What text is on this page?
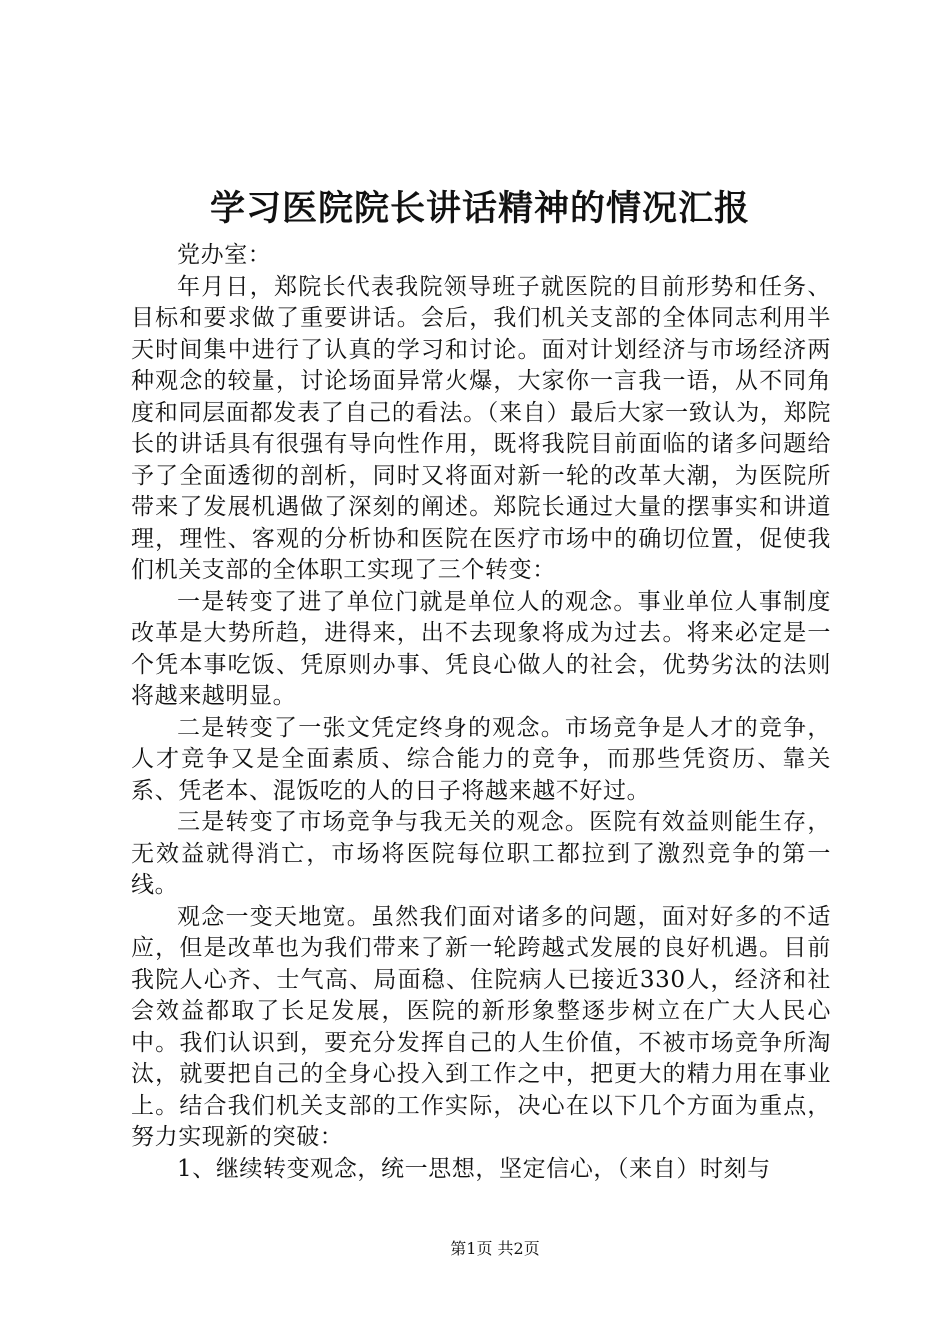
学习医院院长讲话精神的情况汇报

党办室：

年月日，郑院长代表我院领导班子就医院的目前形势和任务、目标和要求做了重要讲话。会后，我们机关支部的全体同志利用半天时间集中进行了认真的学习和讨论。面对计划经济与市场经济两种观念的较量，讨论场面异常火爆，大家你一言我一语，从不同角度和同层面都发表了自己的看法。（来自）最后大家一致认为，郑院长的讲话具有很强有导向性作用，既将我院目前面临的诸多问题给予了全面透彻的剖析，同时又将面对新一轮的改革大潮，为医院所带来了发展机遇做了深刻的阐述。郑院长通过大量的摆事实和讲道理，理性、客观的分析协和医院在医疗市场中的确切位置，促使我们机关支部的全体职工实现了三个转变：

一是转变了进了单位门就是单位人的观念。事业单位人事制度改革是大势所趋，进得来，出不去现象将成为过去。将来必定是一个凭本事吃饭、凭原则办事、凭良心做人的社会，优势劣汰的法则将越来越明显。

二是转变了一张文凭定终身的观念。市场竞争是人才的竞争，人才竞争又是全面素质、综合能力的竞争，而那些凭资历、靠关系、凭老本、混饭吃的人的日子将越来越不好过。

三是转变了市场竞争与我无关的观念。医院有效益则能生存，无效益就得消亡，市场将医院每位职工都拉到了激烈竞争的第一线。

观念一变天地宽。虽然我们面对诸多的问题，面对好多的不适应，但是改革也为我们带来了新一轮跨越式发展的良好机遇。目前我院人心齐、士气高、局面稳、住院病人已接近330人，经济和社会效益都取了长足发展，医院的新形象整逐步树立在广大人民心中。我们认识到，要充分发挥自己的人生价值，不被市场竞争所淘汰，就要把自己的全身心投入到工作之中，把更大的精力用在事业上。结合我们机关支部的工作实际，决心在以下几个方面为重点，努力实现新的突破：

1、继续转变观念，统一思想，坚定信心，（来自）时刻与

第1页 共2页
